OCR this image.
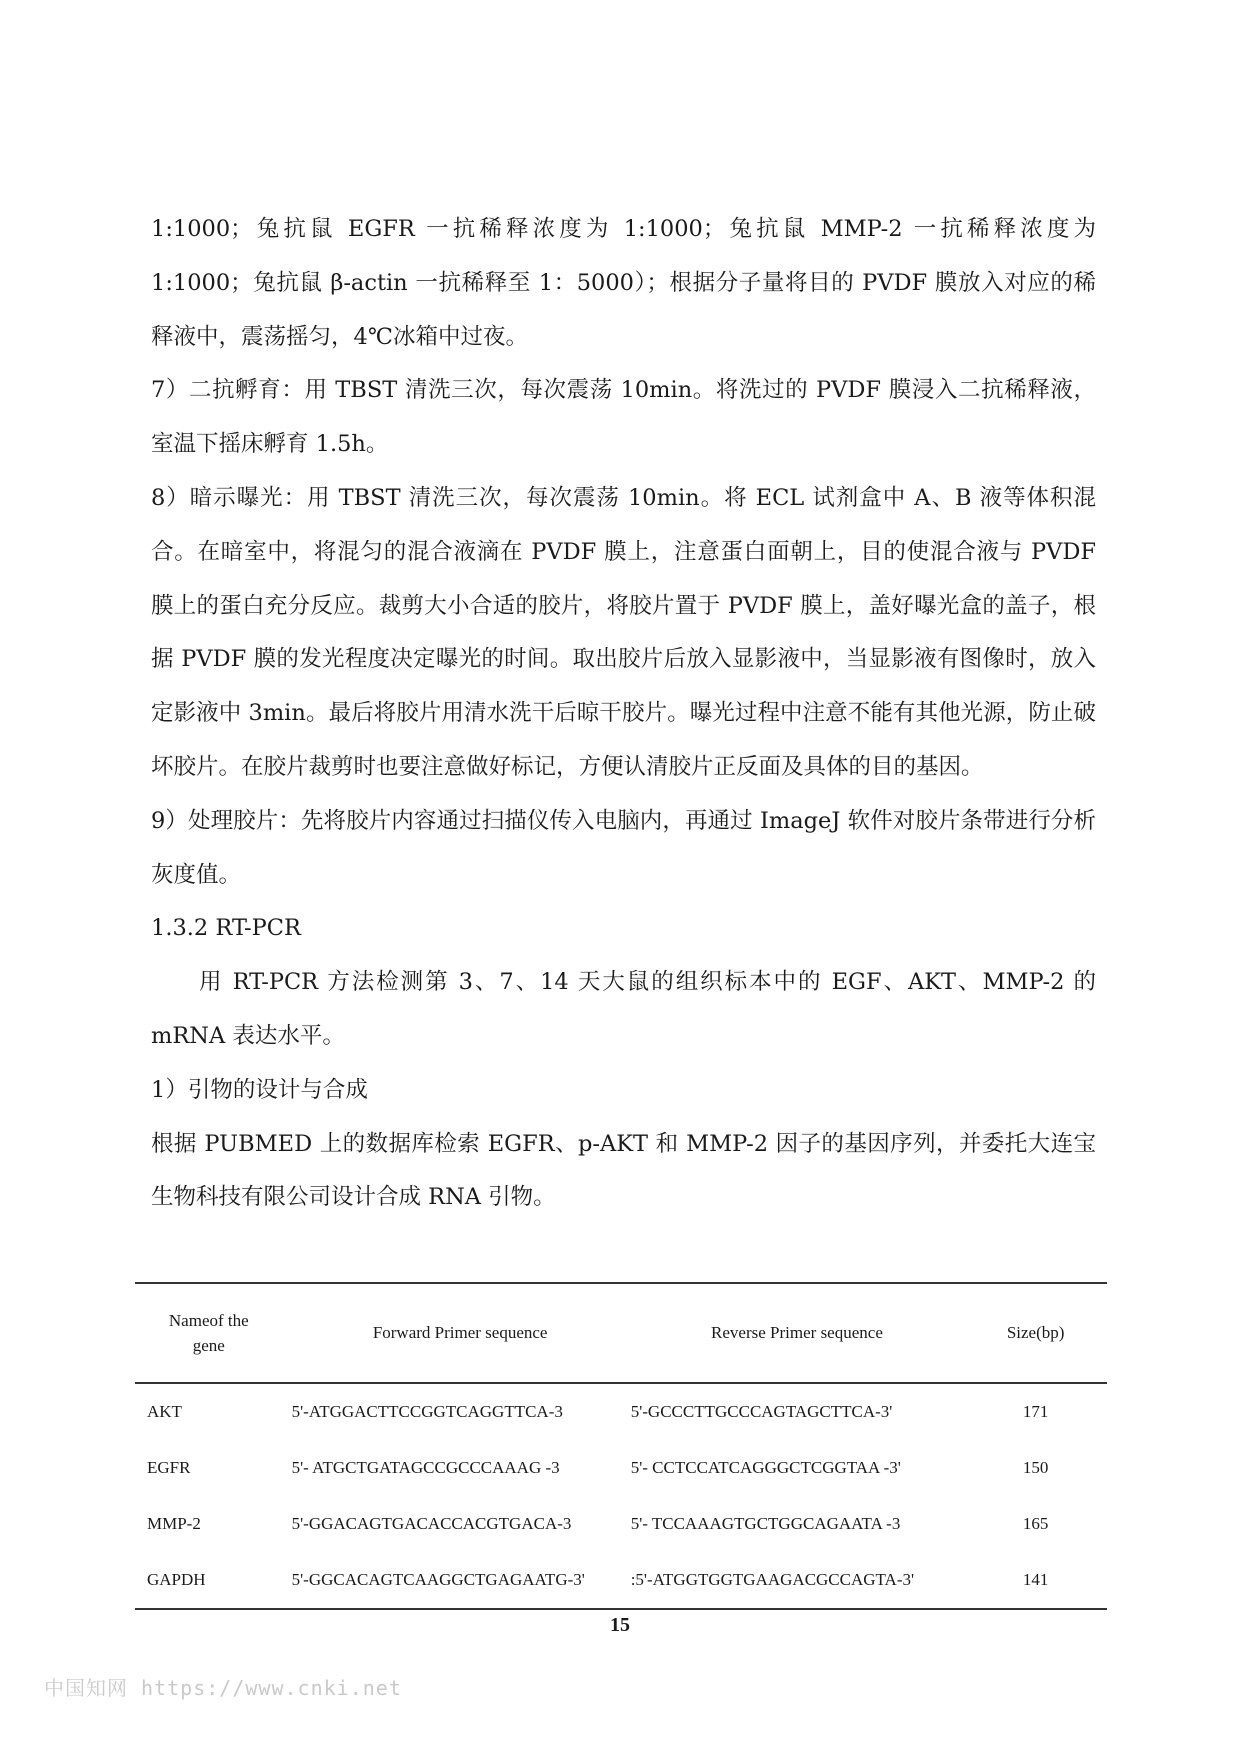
1:1000；兔抗鼠 EGFR 一抗稀释浓度为 1:1000；兔抗鼠 MMP-2 一抗稀释浓度为 1:1000；兔抗鼠 β-actin 一抗稀释至 1：5000）；根据分子量将目的 PVDF 膜放入对应的稀释液中，震荡摇匀，4℃冰箱中过夜。

7）二抗孵育：用 TBST 清洗三次，每次震荡 10min。将洗过的 PVDF 膜浸入二抗稀释液，室温下摇床孵育 1.5h。

8）暗示曝光：用 TBST 清洗三次，每次震荡 10min。将 ECL 试剂盒中 A、B 液等体积混合。在暗室中，将混匀的混合液滴在 PVDF 膜上，注意蛋白面朝上，目的使混合液与 PVDF 膜上的蛋白充分反应。裁剪大小合适的胶片，将胶片置于 PVDF 膜上，盖好曝光盒的盖子，根据 PVDF 膜的发光程度决定曝光的时间。取出胶片后放入显影液中，当显影液有图像时，放入定影液中 3min。最后将胶片用清水洗干后晾干胶片。曝光过程中注意不能有其他光源，防止破坏胶片。在胶片裁剪时也要注意做好标记，方便认清胶片正反面及具体的目的基因。

9）处理胶片：先将胶片内容通过扫描仪传入电脑内，再通过 ImageJ 软件对胶片条带进行分析灰度值。

1.3.2 RT-PCR

用 RT-PCR 方法检测第 3、7、14 天大鼠的组织标本中的 EGF、AKT、MMP-2 的 mRNA 表达水平。

1）引物的设计与合成

根据 PUBMED 上的数据库检索 EGFR、p-AKT 和 MMP-2 因子的基因序列，并委托大连宝生物科技有限公司设计合成 RNA 引物。

Nameof the gene	Forward Primer sequence	Reverse Primer sequence	Size(bp)
AKT	5'-ATGGACTTCCGGTCAGGTTCA-3	5'-GCCCTTGCCCAGTAGCTTCA-3'	171
EGFR	5'- ATGCTGATAGCCGCCCAAAG -3	5'- CCTCCATCAGGGCTCGGTAA -3'	150
MMP-2	5'-GGACAGTGACACCACGTGACA-3	5'- TCCAAAGTGCTGGCAGAATA -3	165
GAPDH	5'-GGCACAGTCAAGGCTGAGAATG-3'	:5'-ATGGTGGTGAAGACGCCAGTA-3'	141
15
中国知网 https://www.cnki.net
